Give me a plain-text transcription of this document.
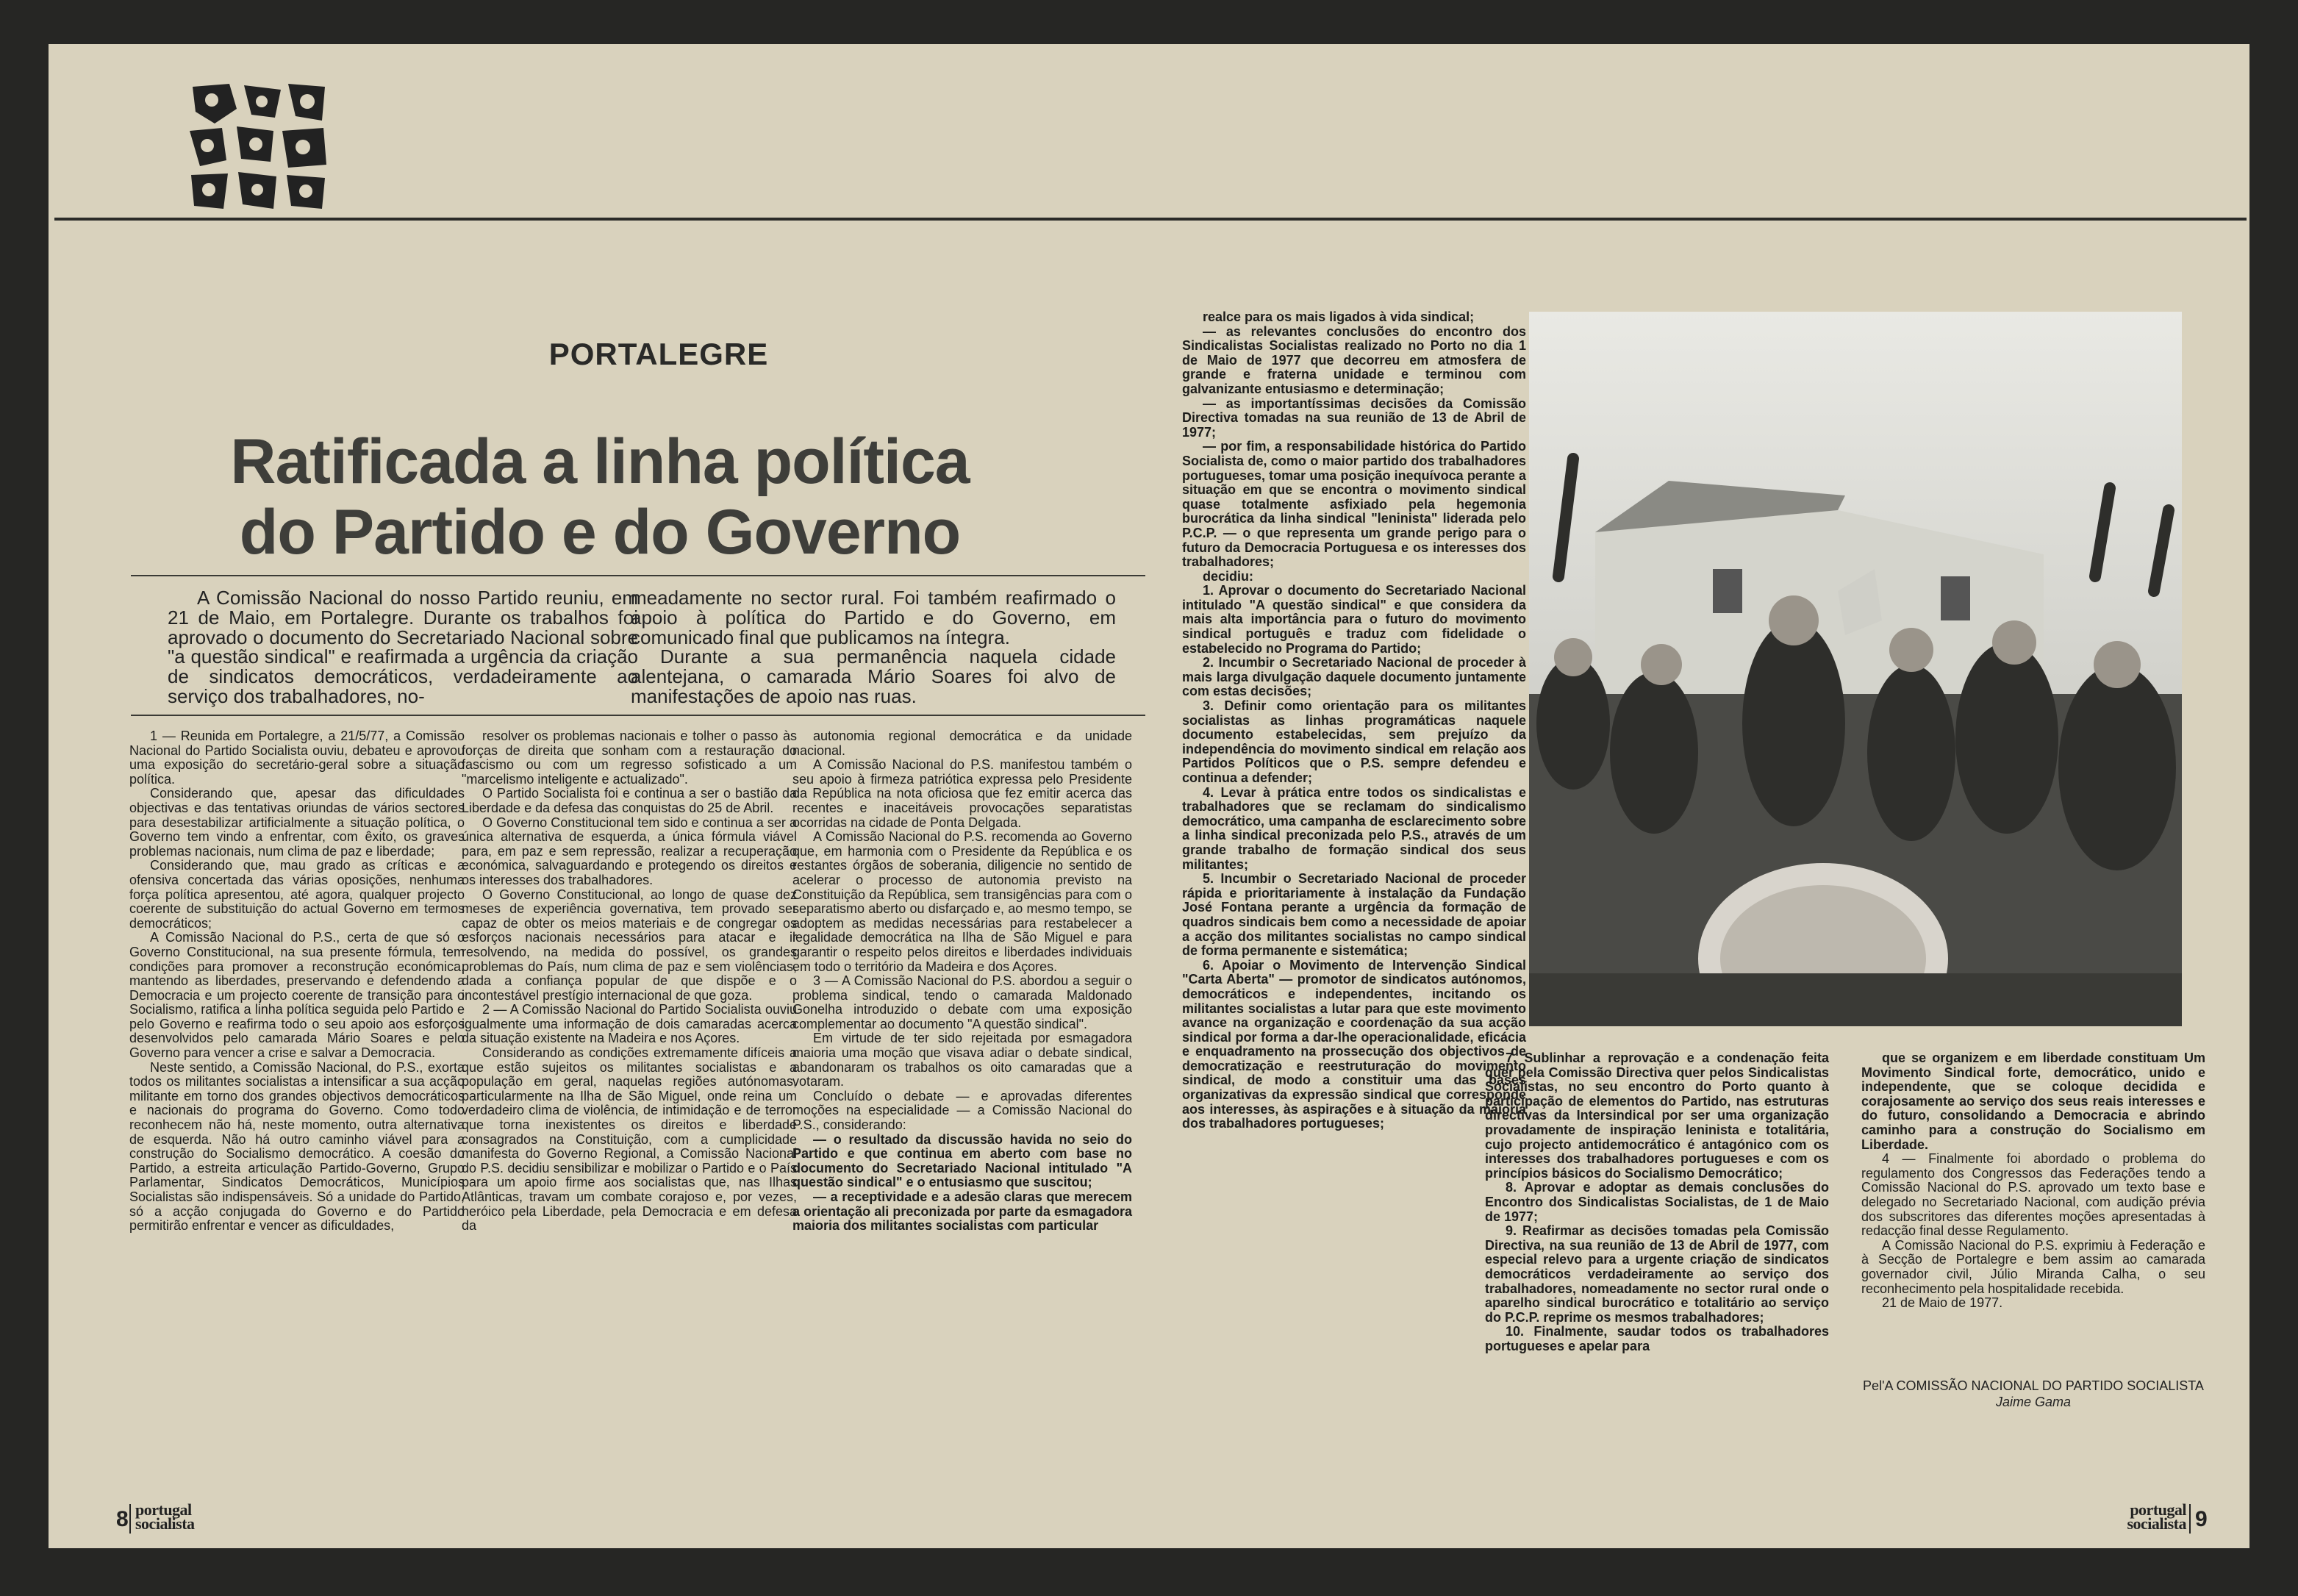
PORTALEGRE
Ratificada a linha política
do Partido e do Governo

A Comissão Nacional do nosso Partido reuniu, em 21 de Maio, em Portalegre. Durante os trabalhos foi aprovado o documento do Secretariado Nacional sobre "a questão sindical" e reafirmada a urgência da criação de sindicatos democráticos, verdadeiramente ao serviço dos trabalhadores, no-

meadamente no sector rural. Foi também reafirmado o apoio à política do Partido e do Governo, em comunicado final que publicamos na íntegra.

Durante a sua permanência naquela cidade alentejana, o camarada Mário Soares foi alvo de manifestações de apoio nas ruas.

1 — Reunida em Portalegre, a 21/5/77, a Comissão Nacional do Partido Socialista ouviu, debateu e aprovou uma exposição do secretário-geral sobre a situação política.

Considerando que, apesar das dificuldades objectivas e das tentativas oriundas de vários sectores para desestabilizar artificialmente a situação política, o Governo tem vindo a enfrentar, com êxito, os graves problemas nacionais, num clima de paz e liberdade;

Considerando que, mau grado as críticas e a ofensiva concertada das várias oposições, nenhuma força política apresentou, até agora, qualquer projecto coerente de substituição do actual Governo em termos democráticos;

A Comissão Nacional do P.S., certa de que só o Governo Constitucional, na sua presente fórmula, tem condições para promover a reconstrução económica, mantendo as liberdades, preservando e defendendo a Democracia e um projecto coerente de transição para o Socialismo, ratifica a linha política seguida pelo Partido e pelo Governo e reafirma todo o seu apoio aos esforços desenvolvidos pelo camarada Mário Soares e pelo Governo para vencer a crise e salvar a Democracia.

Neste sentido, a Comissão Nacional, do P.S., exorta todos os militantes socialistas a intensificar a sua acção militante em torno dos grandes objectivos democráticos e nacionais do programa do Governo. Como todo reconhecem não há, neste momento, outra alternativa de esquerda. Não há outro caminho viável para a construção do Socialismo democrático. A coesão do Partido, a estreita articulação Partido-Governo, Grupo Parlamentar, Sindicatos Democráticos, Municípios Socialistas são indispensáveis. Só a unidade do Partido, só a acção conjugada do Governo e do Partido permitirão enfrentar e vencer as dificuldades,

resolver os problemas nacionais e tolher o passo às forças de direita que sonham com a restauração do fascismo ou com um regresso sofisticado a um "marcelismo inteligente e actualizado".

O Partido Socialista foi e continua a ser o bastião da Liberdade e da defesa das conquistas do 25 de Abril.

O Governo Constitucional tem sido e continua a ser a única alternativa de esquerda, a única fórmula viável para, em paz e sem repressão, realizar a recuperação económica, salvaguardando e protegendo os direitos e os interesses dos trabalhadores.

O Governo Constitucional, ao longo de quase dez meses de experiência governativa, tem provado ser capaz de obter os meios materiais e de congregar os esforços nacionais necessários para atacar e ir resolvendo, na medida do possível, os grandes problemas do País, num clima de paz e sem violências, dada a confiança popular de que dispõe e o incontestável prestígio internacional de que goza.

2 — A Comissão Nacional do Partido Socialista ouviu igualmente uma informação de dois camaradas acerca da situação existente na Madeira e nos Açores.

Considerando as condições extremamente difíceis a que estão sujeitos os militantes socialistas e a população em geral, naquelas regiões autónomas, particularmente na Ilha de São Miguel, onde reina um verdadeiro clima de violência, de intimidação e de terror que torna inexistentes os direitos e liberdade consagrados na Constituição, com a cumplicidade manifesta do Governo Regional, a Comissão Nacional do P.S. decidiu sensibilizar e mobilizar o Partido e o País para um apoio firme aos socialistas que, nas Ilhas Atlânticas, travam um combate corajoso e, por vezes, heróico pela Liberdade, pela Democracia e em defesa da

autonomia regional democrática e da unidade nacional.

A Comissão Nacional do P.S. manifestou também o seu apoio à firmeza patriótica expressa pelo Presidente da República na nota oficiosa que fez emitir acerca das recentes e inaceitáveis provocações separatistas ocorridas na cidade de Ponta Delgada.

A Comissão Nacional do P.S. recomenda ao Governo que, em harmonia com o Presidente da República e os restantes órgãos de soberania, diligencie no sentido de acelerar o processo de autonomia previsto na Constituição da República, sem transigências para com o separatismo aberto ou disfarçado e, ao mesmo tempo, se adoptem as medidas necessárias para restabelecer a legalidade democrática na Ilha de São Miguel e para garantir o respeito pelos direitos e liberdades individuais em todo o território da Madeira e dos Açores.

3 — A Comissão Nacional do P.S. abordou a seguir o problema sindical, tendo o camarada Maldonado Gonelha introduzido o debate com uma exposição complementar ao documento "A questão sindical".

Em virtude de ter sido rejeitada por esmagadora maioria uma moção que visava adiar o debate sindical, abandonaram os trabalhos os oito camaradas que a votaram.

Concluído o debate — e aprovadas diferentes moções na especialidade — a Comissão Nacional do P.S., considerando:

— o resultado da discussão havida no seio do Partido e que continua em aberto com base no documento do Secretariado Nacional intitulado "A questão sindical" e o entusiasmo que suscitou;

— a receptividade e a adesão claras que merecem a orientação ali preconizada por parte da esmagadora maioria dos militantes socialistas com particular

8 portugal
socialista

realce para os mais ligados à vida sindical;

— as relevantes conclusões do encontro dos Sindicalistas Socialistas realizado no Porto no dia 1 de Maio de 1977 que decorreu em atmosfera de grande e fraterna unidade e terminou com galvanizante entusiasmo e determinação;

— as importantíssimas decisões da Comissão Directiva tomadas na sua reunião de 13 de Abril de 1977;

— por fim, a responsabilidade histórica do Partido Socialista de, como o maior partido dos trabalhadores portugueses, tomar uma posição inequívoca perante a situação em que se encontra o movimento sindical quase totalmente asfixiado pela hegemonia burocrática da linha sindical "leninista" liderada pelo P.C.P. — o que representa um grande perigo para o futuro da Democracia Portuguesa e os interesses dos trabalhadores;

decidiu:

1. Aprovar o documento do Secretariado Nacional intitulado "A questão sindical" e que considera da mais alta importância para o futuro do movimento sindical português e traduz com fidelidade o estabelecido no Programa do Partido;

2. Incumbir o Secretariado Nacional de proceder à mais larga divulgação daquele documento juntamente com estas decisões;

3. Definir como orientação para os militantes socialistas as linhas programáticas naquele documento estabelecidas, sem prejuízo da independência do movimento sindical em relação aos Partidos Políticos que o P.S. sempre defendeu e continua a defender;

4. Levar à prática entre todos os sindicalistas e trabalhadores que se reclamam do sindicalismo democrático, uma campanha de esclarecimento sobre a linha sindical preconizada pelo P.S., através de um grande trabalho de formação sindical dos seus militantes;

5. Incumbir o Secretariado Nacional de proceder rápida e prioritariamente à instalação da Fundação José Fontana perante a urgência da formação de quadros sindicais bem como a necessidade de apoiar a acção dos militantes socialistas no campo sindical de forma permanente e sistemática;

6. Apoiar o Movimento de Intervenção Sindical "Carta Aberta" — promotor de sindicatos autónomos, democráticos e independentes, incitando os militantes socialistas a lutar para que este movimento avance na organização e coordenação da sua acção sindical por forma a dar-lhe operacionalidade, eficácia e enquadramento na prossecução dos objectivos de democratização e reestruturação do movimento sindical, de modo a constituir uma das bases organizativas da expressão sindical que corresponde aos interesses, às aspirações e à situação da maioria dos trabalhadores portugueses;

7. Sublinhar a reprovação e a condenação feita quer pela Comissão Directiva quer pelos Sindicalistas Socialistas, no seu encontro do Porto quanto à participação de elementos do Partido, nas estruturas directivas da Intersindical por ser uma organização provadamente de inspiração leninista e totalitária, cujo projecto antidemocrático é antagónico com os interesses dos trabalhadores portugueses e com os princípios básicos do Socialismo Democrático;

8. Aprovar e adoptar as demais conclusões do Encontro dos Sindicalistas Socialistas, de 1 de Maio de 1977;

9. Reafirmar as decisões tomadas pela Comissão Directiva, na sua reunião de 13 de Abril de 1977, com especial relevo para a urgente criação de sindicatos democráticos verdadeiramente ao serviço dos trabalhadores, nomeadamente no sector rural onde o aparelho sindical burocrático e totalitário ao serviço do P.C.P. reprime os mesmos trabalhadores;

10. Finalmente, saudar todos os trabalhadores portugueses e apelar para

que se organizem e em liberdade constituam Um Movimento Sindical forte, democrático, unido e independente, que se coloque decidida e corajosamente ao serviço dos seus reais interesses e do futuro, consolidando a Democracia e abrindo caminho para a construção do Socialismo em Liberdade.

4 — Finalmente foi abordado o problema do regulamento dos Congressos das Federações tendo a Comissão Nacional do P.S. aprovado um texto base e delegado no Secretariado Nacional, com audição prévia dos subscritores das diferentes moções apresentadas à redacção final desse Regulamento.

A Comissão Nacional do P.S. exprimiu à Federação e à Secção de Portalegre e bem assim ao camarada governador civil, Júlio Miranda Calha, o seu reconhecimento pela hospitalidade recebida.

21 de Maio de 1977.

Pel'A COMISSÃO NACIONAL DO PARTIDO SOCIALISTA
Jaime Gama
portugal
socialista 9
